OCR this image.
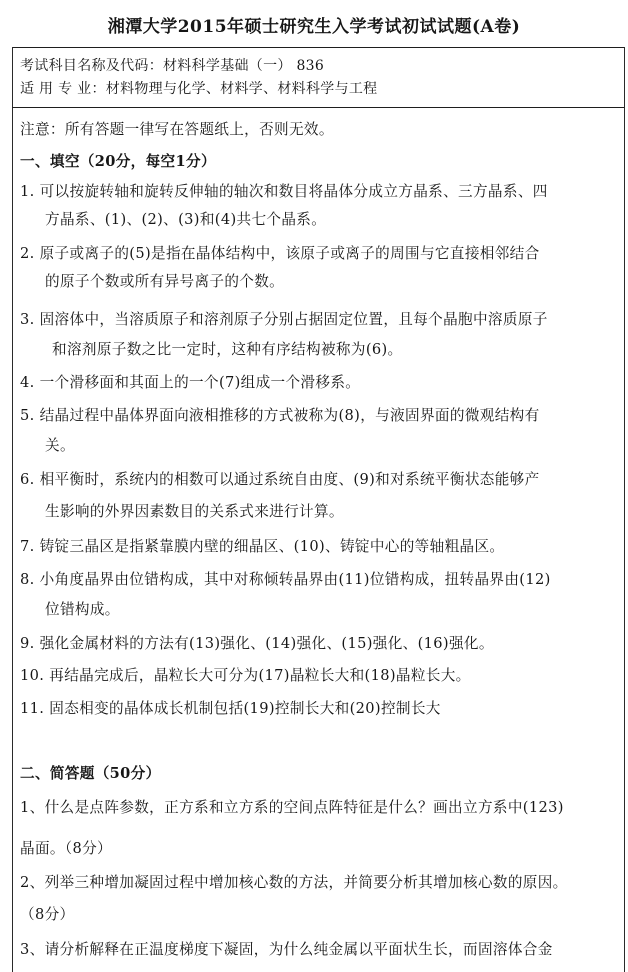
湘潭大学2015年硕士研究生入学考试初试试题(A卷)
考试科目名称及代码：材料科学基础（一） 836
适 用 专 业：材料物理与化学、材料学、材料科学与工程
注意：所有答题一律写在答题纸上，否则无效。
一、填空（20分，每空1分）
1. 可以按旋转轴和旋转反伸轴的轴次和数目将晶体分成立方晶系、三方晶系、四
方晶系、(1)、(2)、(3)和(4)共七个晶系。
2. 原子或离子的(5)是指在晶体结构中，该原子或离子的周围与它直接相邻结合
的原子个数或所有异号离子的个数。
3. 固溶体中，当溶质原子和溶剂原子分别占据固定位置，且每个晶胞中溶质原子
和溶剂原子数之比一定时，这种有序结构被称为(6)。
4. 一个滑移面和其面上的一个(7)组成一个滑移系。
5. 结晶过程中晶体界面向液相推移的方式被称为(8)，与液固界面的微观结构有
关。
6. 相平衡时，系统内的相数可以通过系统自由度、(9)和对系统平衡状态能够产
生影响的外界因素数目的关系式来进行计算。
7. 铸锭三晶区是指紧靠膜内壁的细晶区、(10)、铸锭中心的等轴粗晶区。
8. 小角度晶界由位错构成，其中对称倾转晶界由(11)位错构成，扭转晶界由(12)
位错构成。
9. 强化金属材料的方法有(13)强化、(14)强化、(15)强化、(16)强化。
10. 再结晶完成后，晶粒长大可分为(17)晶粒长大和(18)晶粒长大。
11. 固态相变的晶体成长机制包括(19)控制长大和(20)控制长大
二、简答题（50分）
1、什么是点阵参数，正方系和立方系的空间点阵特征是什么？画出立方系中(123)
晶面。（8分）
2、列举三种增加凝固过程中增加核心数的方法，并简要分析其增加核心数的原因。
（8分）
3、请分析解释在正温度梯度下凝固，为什么纯金属以平面状生长，而固溶体合金
